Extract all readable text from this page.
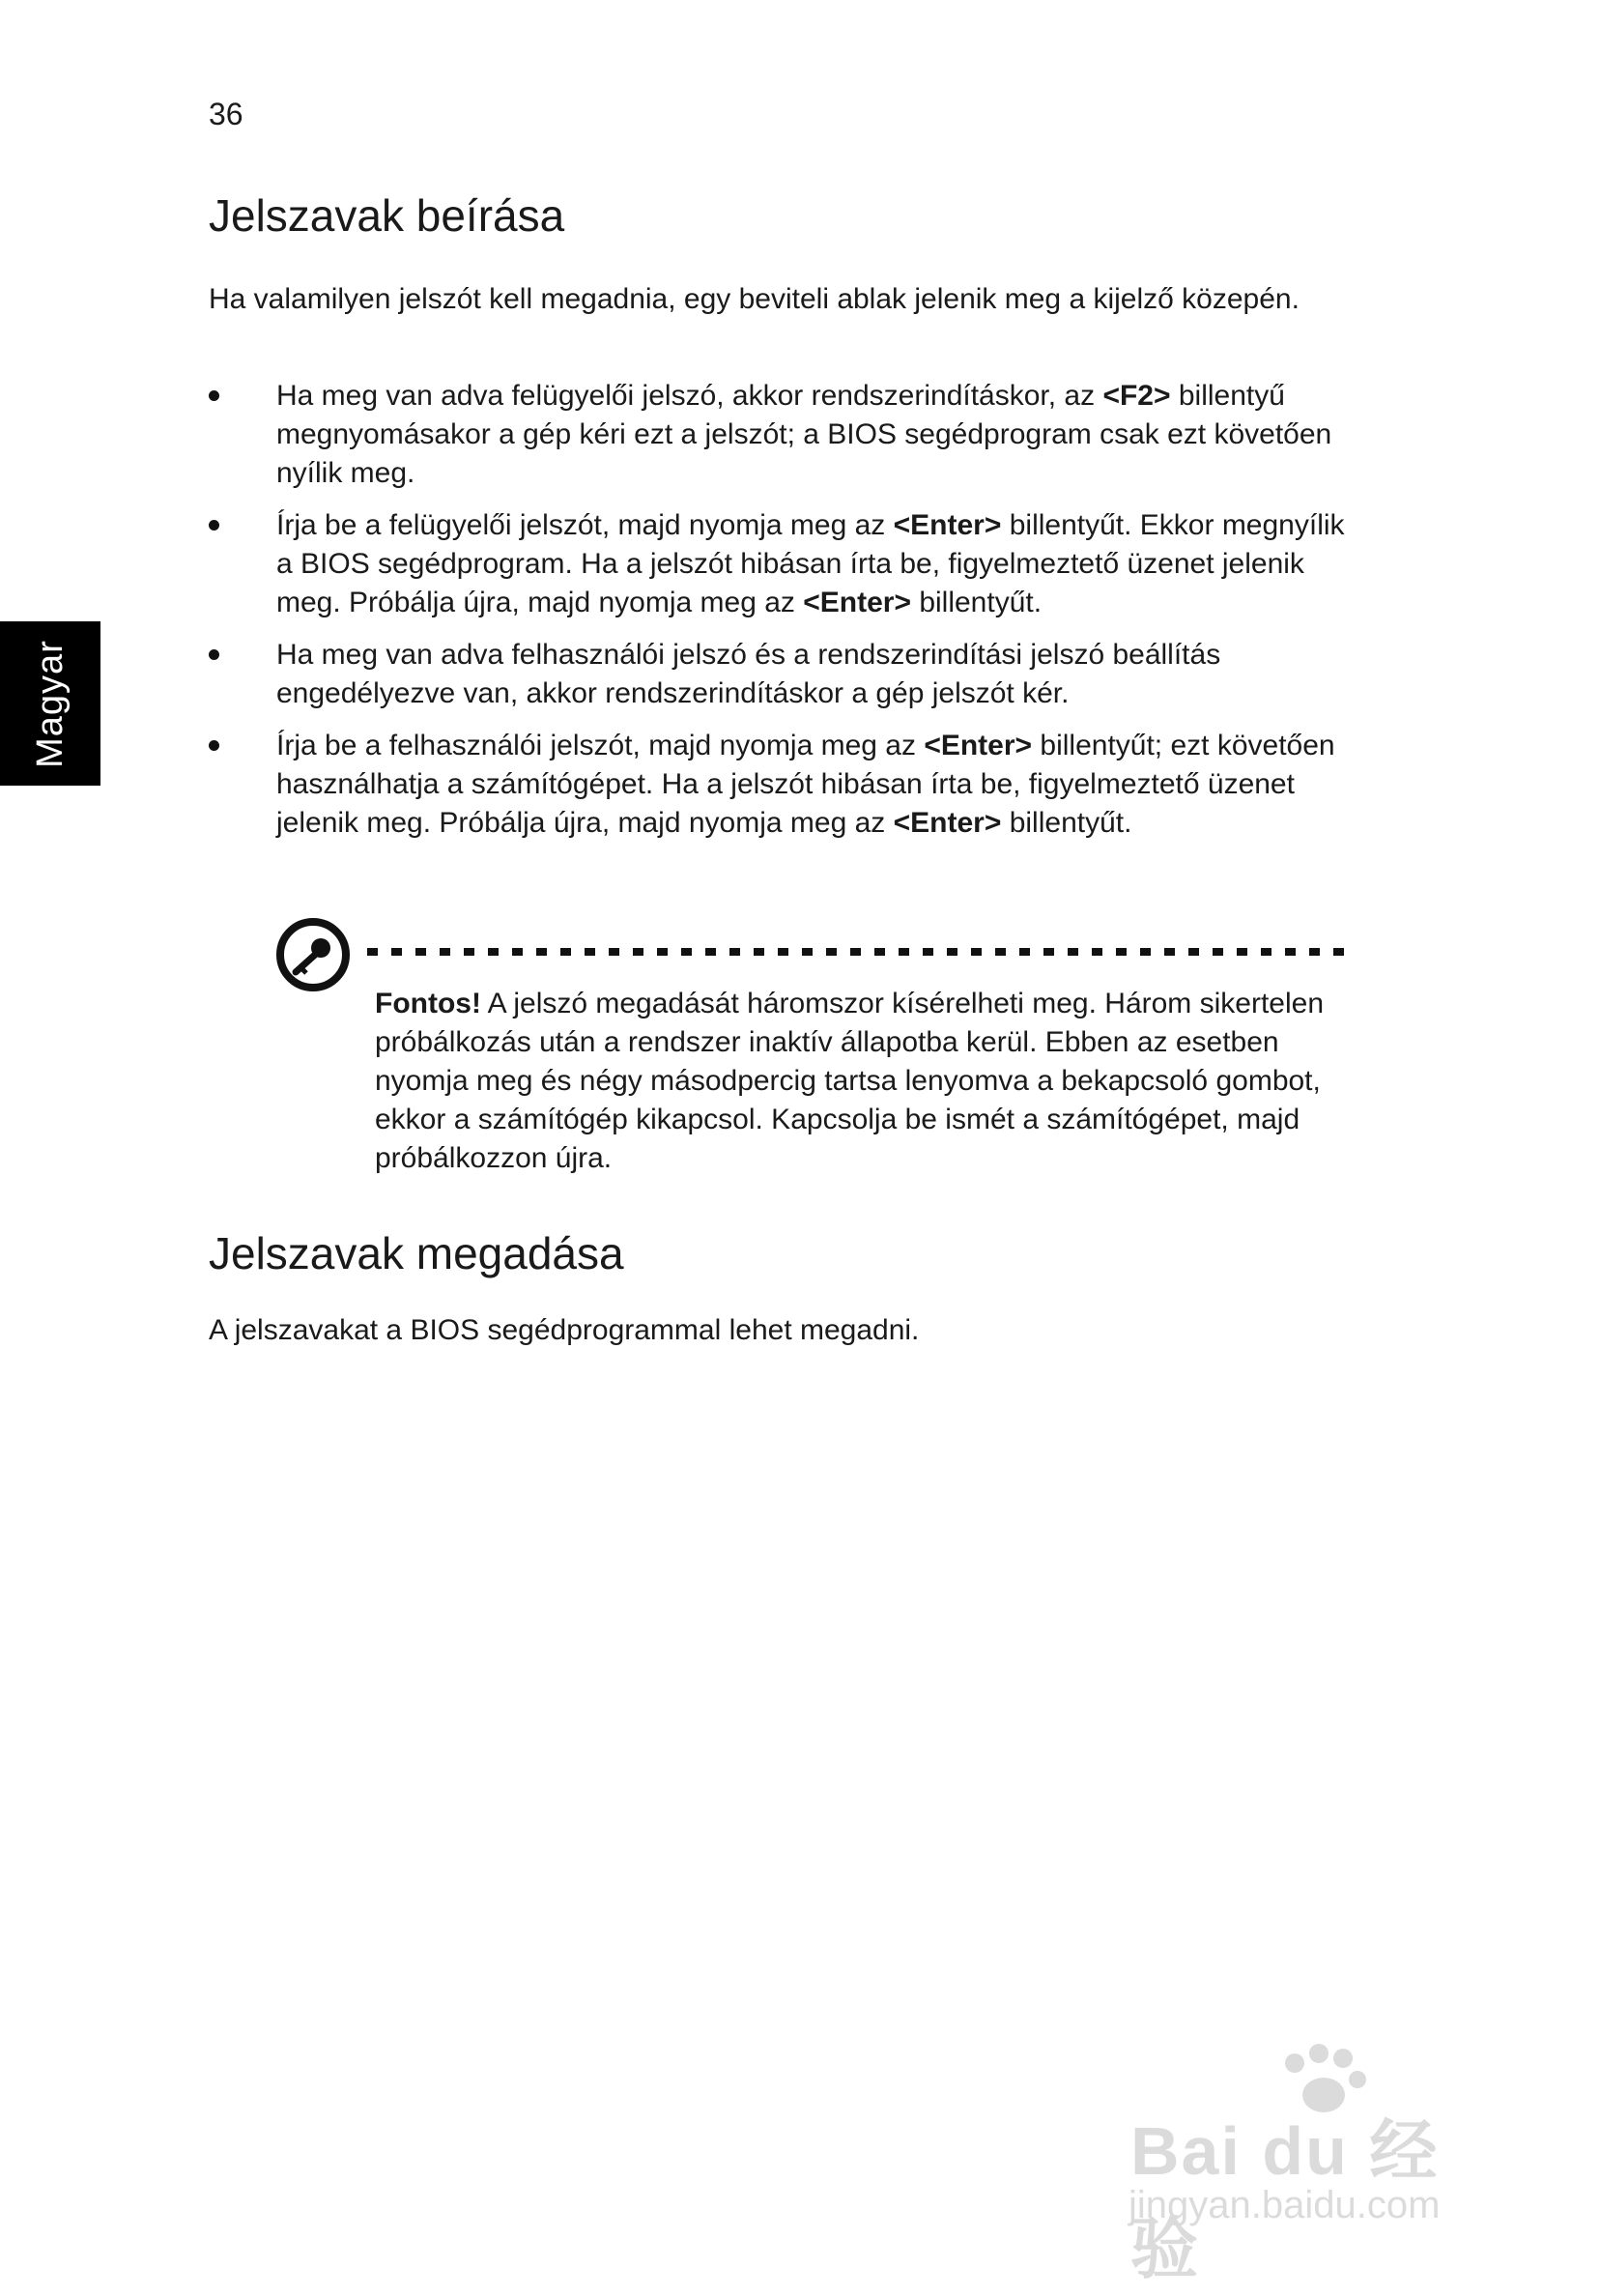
36
Magyar
Jelszavak beírása

Ha valamilyen jelszót kell megadnia, egy beviteli ablak jelenik meg a kijelző közepén.

Ha meg van adva felügyelői jelszó, akkor rendszerindításkor, az <F2> billentyű megnyomásakor a gép kéri ezt a jelszót; a BIOS segédprogram csak ezt követően nyílik meg.
Írja be a felügyelői jelszót, majd nyomja meg az <Enter> billentyűt. Ekkor megnyílik a BIOS segédprogram. Ha a jelszót hibásan írta be, figyelmeztető üzenet jelenik meg. Próbálja újra, majd nyomja meg az <Enter> billentyűt.
Ha meg van adva felhasználói jelszó és a rendszerindítási jelszó beállítás engedélyezve van, akkor rendszerindításkor a gép jelszót kér.
Írja be a felhasználói jelszót, majd nyomja meg az <Enter> billentyűt; ezt követően használhatja a számítógépet. Ha a jelszót hibásan írta be, figyelmeztető üzenet jelenik meg. Próbálja újra, majd nyomja meg az <Enter> billentyűt.

Fontos! A jelszó megadását háromszor kísérelheti meg. Három sikertelen próbálkozás után a rendszer inaktív állapotba kerül. Ebben az esetben nyomja meg és négy másodpercig tartsa lenyomva a bekapcsoló gombot, ekkor a számítógép kikapcsol. Kapcsolja be ismét a számítógépet, majd próbálkozzon újra.

Jelszavak megadása

A jelszavakat a BIOS segédprogrammal lehet megadni.

Bai du 经验
jingyan.baidu.com
